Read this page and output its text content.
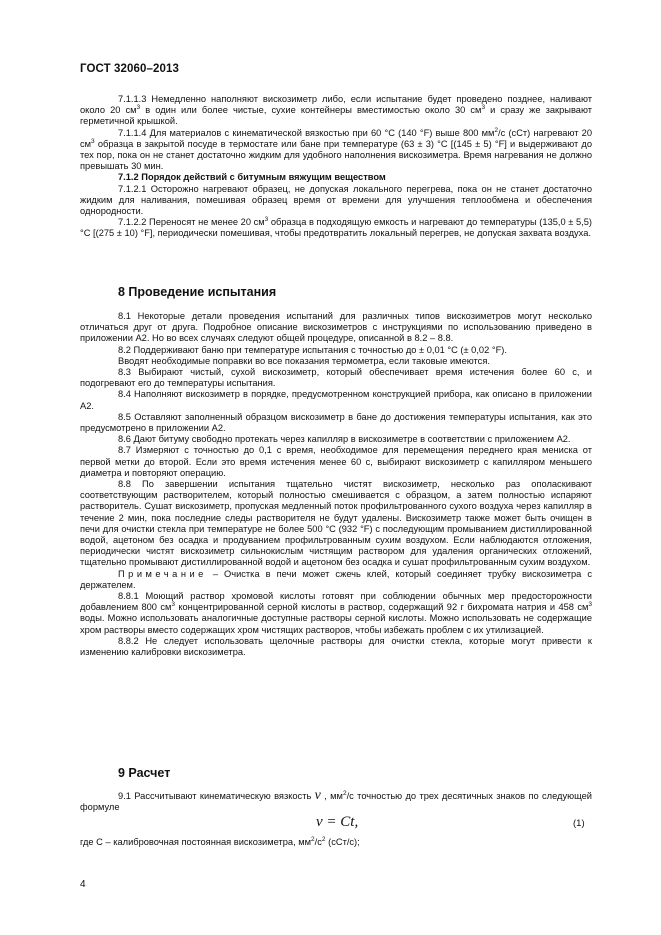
ГОСТ 32060–2013

7.1.1.3 Немедленно наполняют вискозиметр либо, если испытание будет проведено позднее, наливают около 20 $см^3$ в один или более чистые, сухие контейнеры вместимостью около 30 $см^3$ и сразу же закрывают герметичной крышкой.

7.1.1.4 Для материалов с кинематической вязкостью при 60 °С (140 °F) выше 800 $мм^2/с$ (сСт) нагревают 20 $см^3$ образца в закрытой посуде в термостате или бане при температуре (63 ± 3) °С [(145 ± 5) °F] и выдерживают до тех пор, пока он не станет достаточно жидким для удобного наполнения вискозиметра. Время нагревания не должно превышать 30 мин.

7.1.2 Порядок действий с битумным вяжущим веществом

7.1.2.1 Осторожно нагревают образец, не допуская локального перегрева, пока он не станет достаточно жидким для наливания, помешивая образец время от времени для улучшения теплообмена и обеспечения однородности.

7.1.2.2 Переносят не менее 20 $см^3$ образца в подходящую емкость и нагревают до температуры (135,0 ± 5,5) °С [(275 ± 10) °F], периодически помешивая, чтобы предотвратить локальный перегрев, не допуская захвата воздуха.

8 Проведение испытания

8.1 Некоторые детали проведения испытаний для различных типов вискозиметров могут несколько отличаться друг от друга. Подробное описание вискозиметров с инструкциями по использованию приведено в приложении А2. Но во всех случаях следуют общей процедуре, описанной в 8.2 – 8.8.

8.2 Поддерживают баню при температуре испытания с точностью до ± 0,01 °С (± 0,02 °F).

Вводят необходимые поправки во все показания термометра, если таковые имеются.

8.3 Выбирают чистый, сухой вискозиметр, который обеспечивает время истечения более 60 с, и подогревают его до температуры испытания.

8.4 Наполняют вискозиметр в порядке, предусмотренном конструкцией прибора, как описано в приложении А2.

8.5 Оставляют заполненный образцом вискозиметр в бане до достижения температуры испытания, как это предусмотрено в приложении А2.

8.6 Дают битуму свободно протекать через капилляр в вискозиметре в соответствии с приложением А2.

8.7 Измеряют с точностью до 0,1 с время, необходимое для перемещения переднего края мениска от первой метки до второй. Если это время истечения менее 60 с, выбирают вискозиметр с капилляром меньшего диаметра и повторяют операцию.

8.8 По завершении испытания тщательно чистят вискозиметр, несколько раз ополаскивают соответствующим растворителем, который полностью смешивается с образцом, а затем полностью испаряют растворитель. Сушат вискозиметр, пропуская медленный поток профильтрованного сухого воздуха через капилляр в течение 2 мин, пока последние следы растворителя не будут удалены. Вискозиметр также может быть очищен в печи для очистки стекла при температуре не более 500 °С (932 °F) с последующим промыванием дистиллированной водой, ацетоном без осадка и продуванием профильтрованным сухим воздухом. Если наблюдаются отложения, периодически чистят вискозиметр сильнокислым чистящим раствором для удаления органических отложений, тщательно промывают дистиллированной водой и ацетоном без осадка и сушат профильтрованным сухим воздухом.

Примечание – Очистка в печи может сжечь клей, который соединяет трубку вискозиметра с держателем.

8.8.1 Моющий раствор хромовой кислоты готовят при соблюдении обычных мер предосторожности добавлением 800 $см^3$ концентрированной серной кислоты в раствор, содержащий 92 г бихромата натрия и 458 $см^3$ воды. Можно использовать аналогичные доступные растворы серной кислоты. Можно использовать не содержащие хром растворы вместо содержащих хром чистящих растворов, чтобы избежать проблем с их утилизацией.

8.8.2 Не следует использовать щелочные растворы для очистки стекла, которые могут привести к изменению калибровки вискозиметра.

9 Расчет

9.1 Рассчитывают кинематическую вязкость v , $мм^2/с$ точностью до трех десятичных знаков по следующей формуле

v = Ct,	(1)
где С – калибровочная постоянная вискозиметра, $мм^2/с^2$ (сСт/с);
4
